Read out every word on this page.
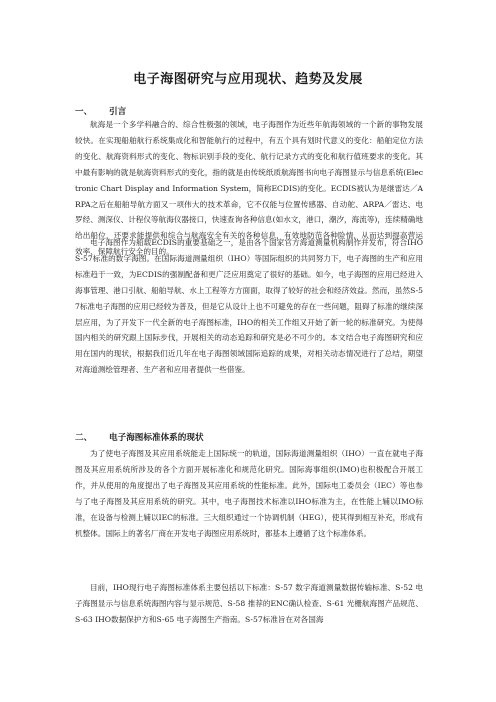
电子海图研究与应用现状、趋势及发展
一、 引言

航海是一个多学科融合的、综合性极强的领域，电子海图作为近些年航海领域的一个新的事物发展较快。在实现船舶航行系统集成化和智能航行的过程中，有五个具有划时代意义的变化：船舶定位方法的变化、航海资料形式的变化、物标识别手段的变化、航行记录方式的变化和航行值班要求的变化。其中最有影响的就是航海资料形式的变化，指的就是由传统纸质航海图书向电子海图显示与信息系统(Electronic Chart Display and Information System，简称ECDIS)的变化。ECDIS被认为是继雷达／ARPA之后在船舶导航方面又一项伟大的技术革命，它不仅能与位置传感器、自动舵、ARPA／雷达、电罗经、测深仪、计程仪等航海仪器接口，快速查询各种信息(如水文，港口，潮汐，海流等)，连续精确地给出船位，还要求能提供和综合与航海安全有关的各种信息，有效地防范各种险情，从而达到提高营运效率、保障航行安全的目的。

电子海图作为船载ECDIS的重要基础之一，是由各个国家官方海道测量机构制作并发布，符合IHO S-57标准的数字海图。在国际海道测量组织（IHO）等国际组织的共同努力下，电子海图的生产和应用标准趋于一致，为ECDIS的强制配备和更广泛应用奠定了很好的基础。如今，电子海图的应用已经进入海事管理、港口引航、船舶导航、水上工程等方方面面，取得了较好的社会和经济效益。然而，虽然S-57标准电子海图的应用已经较为普及，但是它从设计上也不可避免的存在一些问题，阻碍了标准的继续深层应用，为了开发下一代全新的电子海图标准，IHO的相关工作组又开始了新一轮的标准研究。为使得国内相关的研究跟上国际步伐，开展相关的动态追踪和研究是必不可少的。本文结合电子海图研究和应用在国内的现状，根据我们近几年在电子海图领域国际追踪的成果，对相关动态情况进行了总结，期望对海道测绘管理者、生产者和应用者提供一些借鉴。

二、 电子海图标准体系的现状

为了使电子海图及其应用系统能走上国际统一的轨道，国际海道测量组织（IHO）一直在就电子海图及其应用系统所涉及的各个方面开展标准化和规范化研究。国际海事组织(IMO)也积极配合开展工作，并从使用的角度提出了电子海图及其应用系统的性能标准。此外，国际电工委员会（IEC）等也参与了电子海图及其应用系统的研究。其中，电子海图技术标准以IHO标准为主，在性能上辅以IMO标准，在设备与检测上辅以IEC的标准。三大组织通过一个协调机制（HEG），使其得到相互补充，形成有机整体。国际上的著名厂商在开发电子海图应用系统时，都基本上遵循了这个标准体系。

目前，IHO现行电子海图标准体系主要包括以下标准：S-57 数字海道测量数据传输标准、S-52 电子海图显示与信息系统海图内容与显示规范、S-58 推荐的ENC确认检查、S-61 光栅航海图产品规范、S-63 IHO数据保护方和S-65 电子海图生产指南。S-57标准旨在对各国海
